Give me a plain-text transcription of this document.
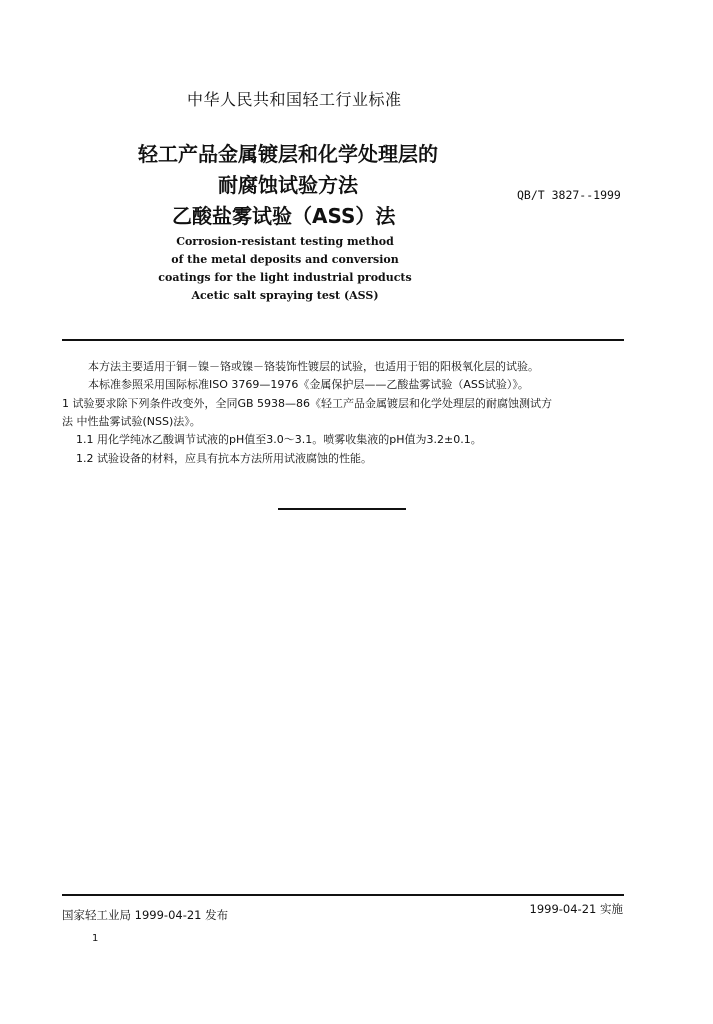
中华人民共和国轻工行业标准
轻工产品金属镀层和化学处理层的
耐腐蚀试验方法
乙酸盐雾试验（ASS）法
QB/T 3827--1999
Corrosion-resistant testing method
of the metal deposits and conversion
coatings for the light industrial products
Acetic salt spraying test (ASS)
本方法主要适用于铜－镍－铬或镍－铬装饰性镀层的试验，也适用于铝的阳极氧化层的试验。
本标准参照采用国际标准ISO 3769—1976《金属保护层——乙酸盐雾试验（ASS试验）》。
1 试验要求除下列条件改变外，全同GB 5938—86《轻工产品金属镀层和化学处理层的耐腐蚀测试方
法 中性盐雾试验(NSS)法》。
1.1 用化学纯冰乙酸调节试液的pH值至3.0～3.1。喷雾收集液的pH值为3.2±0.1。
1.2 试验设备的材料，应具有抗本方法所用试液腐蚀的性能。
国家轻工业局 1999-04-21 发布	1999-04-21 实施
1
